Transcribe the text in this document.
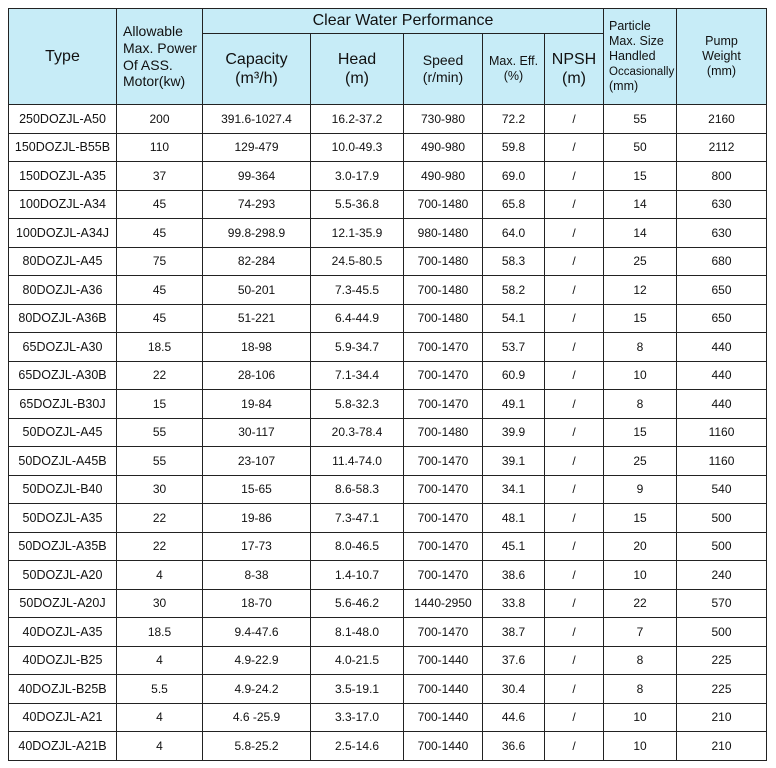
Type	Allowable
Max. Power
Of ASS.
Motor(kw)	Clear Water Performance					Particle
Max. Size
Handled
Occasionally
(mm)	Pump
Weight
(mm)
		Capacity
(m³/h)	Head
(m)	Speed
(r/min)	Max. Eff.
(%)	NPSH
(m)		
250DOZJL-A50	200	391.6-1027.4	16.2-37.2	730-980	72.2	/	55	2160
150DOZJL-B55B	110	129-479	10.0-49.3	490-980	59.8	/	50	2112
150DOZJL-A35	37	99-364	3.0-17.9	490-980	69.0	/	15	800
100DOZJL-A34	45	74-293	5.5-36.8	700-1480	65.8	/	14	630
100DOZJL-A34J	45	99.8-298.9	12.1-35.9	980-1480	64.0	/	14	630
80DOZJL-A45	75	82-284	24.5-80.5	700-1480	58.3	/	25	680
80DOZJL-A36	45	50-201	7.3-45.5	700-1480	58.2	/	12	650
80DOZJL-A36B	45	51-221	6.4-44.9	700-1480	54.1	/	15	650
65DOZJL-A30	18.5	18-98	5.9-34.7	700-1470	53.7	/	8	440
65DOZJL-A30B	22	28-106	7.1-34.4	700-1470	60.9	/	10	440
65DOZJL-B30J	15	19-84	5.8-32.3	700-1470	49.1	/	8	440
50DOZJL-A45	55	30-117	20.3-78.4	700-1480	39.9	/	15	1160
50DOZJL-A45B	55	23-107	11.4-74.0	700-1470	39.1	/	25	1160
50DOZJL-B40	30	15-65	8.6-58.3	700-1470	34.1	/	9	540
50DOZJL-A35	22	19-86	7.3-47.1	700-1470	48.1	/	15	500
50DOZJL-A35B	22	17-73	8.0-46.5	700-1470	45.1	/	20	500
50DOZJL-A20	4	8-38	1.4-10.7	700-1470	38.6	/	10	240
50DOZJL-A20J	30	18-70	5.6-46.2	1440-2950	33.8	/	22	570
40DOZJL-A35	18.5	9.4-47.6	8.1-48.0	700-1470	38.7	/	7	500
40DOZJL-B25	4	4.9-22.9	4.0-21.5	700-1440	37.6	/	8	225
40DOZJL-B25B	5.5	4.9-24.2	3.5-19.1	700-1440	30.4	/	8	225
40DOZJL-A21	4	4.6 -25.9	3.3-17.0	700-1440	44.6	/	10	210
40DOZJL-A21B	4	5.8-25.2	2.5-14.6	700-1440	36.6	/	10	210
